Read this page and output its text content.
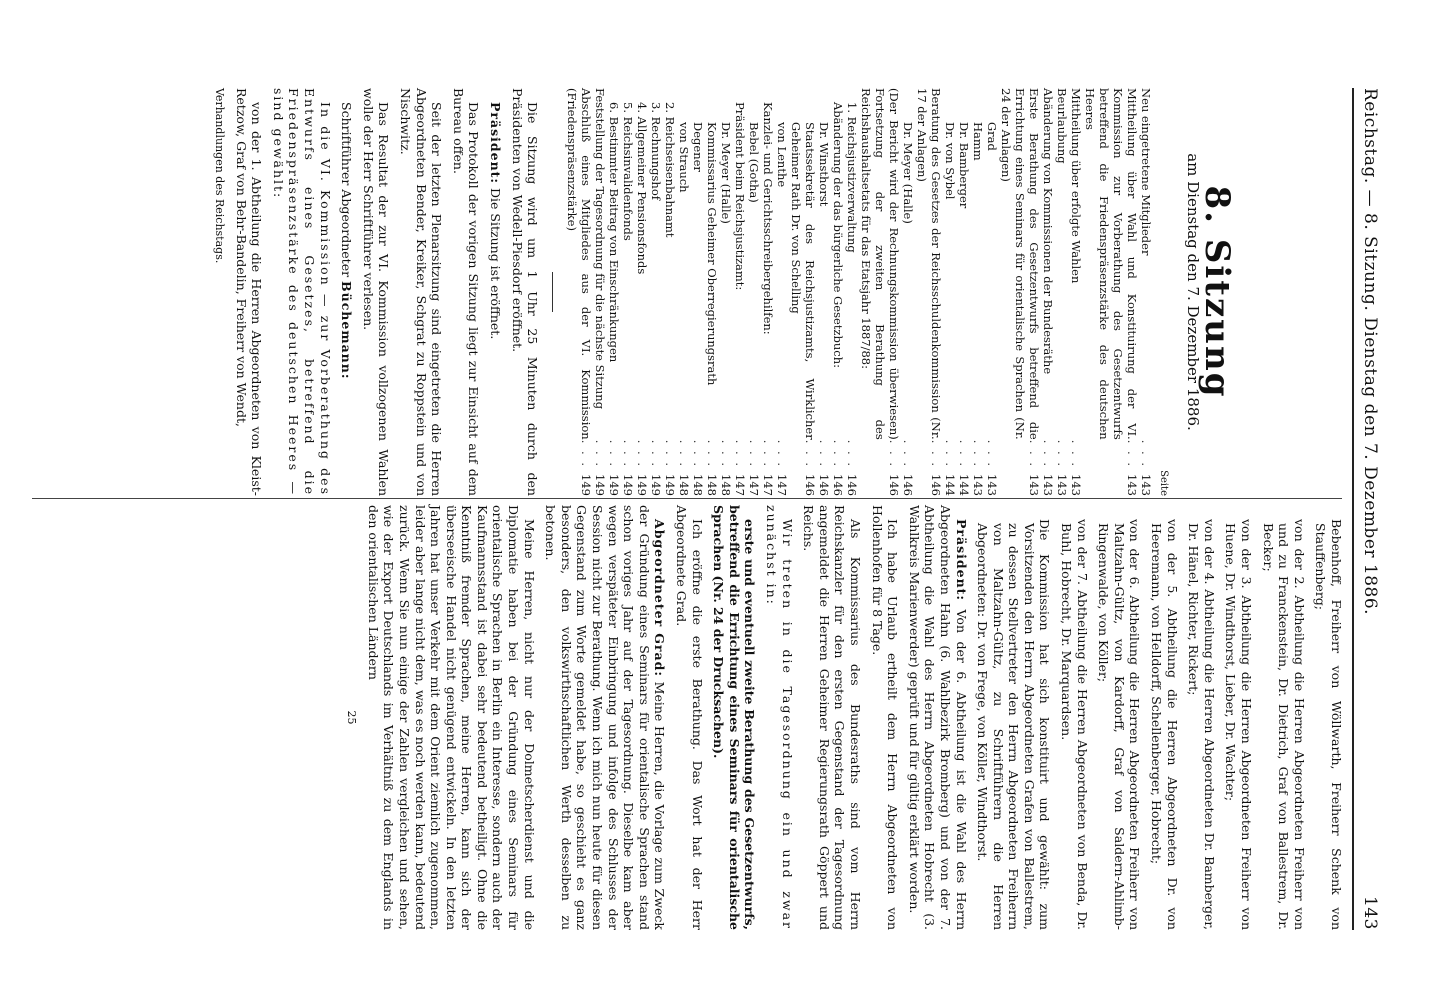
Reichstag. — 8. Sitzung. Dienstag den 7. Dezember 1886.
143
8. Sitzung
am Dienstag den 7. Dezember 1886.
Seite
Neu eingetretene Mitglieder
. . .
143
Mittheilung über Wahl und Konstituirung der VI. Kommission zur Vorberathung des Gesetzentwurfs betreffend die Friedenspräsenzstärke des deutschen Heeres
. . .
143
Mittheilung über erfolgte Wahlen
. . .
143
Beurlaubung
. . .
143
Abänderung von Kommissionen der Bundesräthe
. . .
143
Erste Berathung des Gesetzentwurfs betreffend die Errichtung eines Seminars für orientalische Sprachen (Nr. 24 der Anlagen)
. . .
143
Grad
. . .
143
Hamm
. . .
143
Dr. Bamberger
. . .
144
Dr. von Sybel
. . .
144
Beratung des Gesetzes der Reichsschuldenkommission (Nr. 17 der Anlagen)
. . .
146
Dr. Meyer (Halle)
. . .
146
(Der Bericht wird der Rechnungskommission überwiesen) Fortsetzung der zweiten Berathung des Reichshaushaltsetats für das Etatsjahr 1887/88:
. . .
146
1. Reichsjustizverwaltung
. . .
146
Abänderung der das bürgerliche Gesetzbuch:
. . .
146
Dr. Winsthorst
. . .
146
Staatssekretär des Reichsjustizamts, Wirklicher Geheimer Rath Dr. von Schelling
. . .
146
von Lenthe
. . .
147
Kanzlei- und Gerichtsschreibergehilfen:
. . .
147
Bebel (Gotha)
. . .
147
Präsident beim Reichsjustizamt:
. . .
147
Dr. Meyer (Halle)
. . .
148
Kommissarius Geheimer Oberregierungsrath
. . .
148
Degener
. . .
148
von Strauch
. . .
148
2. Reichseisenbahnamt
. . .
149
3. Rechnungshof
. . .
149
4. Allgemeiner Pensionsfonds
. . .
149
5. Reichsinvalidenfonds
. . .
149
6. Bestimmter Beitrag von Einschränkungen
. . .
149
Feststellung der Tagesordnung für die nächste Sitzung
. . .
149
Abschluß eines Mitgliedes aus der VI. Kommission (Friedenspräsenzstärke)
. . .
149

Die Sitzung wird um 1 Uhr 25 Minuten durch den Präsidenten von Wedell-Piesdorf eröffnet.

Präsident: Die Sitzung ist eröffnet.

Das Protokoll der vorigen Sitzung liegt zur Einsicht auf dem Bureau offen.

Seit der letzten Plenarsitzung sind eingetreten die Herren Abgeordneten Bender, Kreiker, Schgrat zu Roppstein und von Nischwitz.

Das Resultat der zur VI. Kommission vollzogenen Wahlen wolle der Herr Schriftführer verlesen.

Schriftführer Abgeordneter Büchemann:

In die VI. Kommission — zur Vorberathung des Entwurfs eines Gesetzes, betreffend die Friedenspräsenzstärke des deutschen Heeres — sind gewählt:

von der 1. Abtheilung die Herren Abgeordneten von Kleist-Retzow, Graf von Behr-Bandelin, Freiherr von Wendt,

Verhandlungen des Reichstags.

Bebenhoff, Freiherr von Wöllwarth, Freiherr Schenk von Stauffenberg;
von der 2. Abtheilung die Herren Abgeordneten Freiherr von und zu Franckenstein, Dr. Dietrich, Graf von Ballestrem, Dr. Becker;
von der 3. Abtheilung die Herren Abgeordneten Freiherr von Huene, Dr. Windthorst, Lieber, Dr. Wachter;
von der 4. Abtheilung die Herren Abgeordneten Dr. Bamberger, Dr. Hänel, Richter, Rickert;
von der 5. Abtheilung die Herren Abgeordneten Dr. von Heeremann, von Helldorff, Schellenberger, Hobrecht;
von der 6. Abtheilung die Herren Abgeordneten Freiherr von Maltzahn-Gültz, von Kardorff, Graf von Saldern-Ahlimb-Ringenwalde, von Köller;
von der 7. Abtheilung die Herren Abgeordneten von Benda, Dr. Buhl, Hobrecht, Dr. Marquardsen.
Die Kommission hat sich konstituirt und gewählt: zum Vorsitzenden den Herrn Abgeordneten Grafen von Ballestrem, zu dessen Stellvertreter den Herrn Abgeordneten Freiherrn von Maltzahn-Gültz, zu Schriftführern die Herren Abgeordneten: Dr. von Frege, von Köller, Windthorst.

Präsident: Von der 6. Abtheilung ist die Wahl des Herrn Abgeordneten Hahn (6. Wahlbezirk Bromberg) und von der 7. Abtheilung die Wahl des Herrn Abgeordneten Hobrecht (3. Wahlkreis Marienwerder) geprüft und für gültig erklärt worden.

Ich habe Urlaub ertheilt dem Herrn Abgeordneten von Hollenhofen für 8 Tage.

Als Kommissarius des Bundesraths sind vom Herrn Reichskanzler für den ersten Gegenstand der Tagesordnung angemeldet die Herren Geheimer Regierungsrath Göppert und Reichs.

Wir treten in die Tagesordnung ein und zwar zunächst in:

erste und eventuell zweite Berathung des Gesetzentwurfs, betreffend die Errichtung eines Seminars für orientalische Sprachen (Nr. 24 der Drucksachen).

Ich eröffne die erste Berathung. Das Wort hat der Herr Abgeordnete Grad.

Abgeordneter Grad: Meine Herren, die Vorlage zum Zweck der Gründung eines Seminars für orientalische Sprachen stand schon voriges Jahr auf der Tagesordnung. Dieselbe kam aber wegen verspäteter Einbringung und infolge des Schlusses der Session nicht zur Berathung. Wenn ich mich nun heute für diesen Gegenstand zum Worte gemeldet habe, so geschieht es ganz besonders, den volkswirthschaftlichen Werth desselben zu betonen.

Meine Herren, nicht nur der Dolmetscherdienst und die Diplomatie haben bei der Gründung eines Seminars für orientalische Sprachen in Berlin ein Interesse, sondern auch der Kaufmannsstand ist dabei sehr bedeutend betheiligt. Ohne die Kenntniß fremder Sprachen, meine Herren, kann sich der überseeische Handel nicht genügend entwickeln. In den letzten Jahren hat unser Verkehr mit dem Orient ziemlich zugenommen, leider aber lange nicht dem, was es noch werden kann, bedeutend zurück. Wenn Sie nun einige der Zahlen vergleichen und sehen, wie der Export Deutschlands im Verhältniß zu dem Englands in den orientalischen Ländern

25
